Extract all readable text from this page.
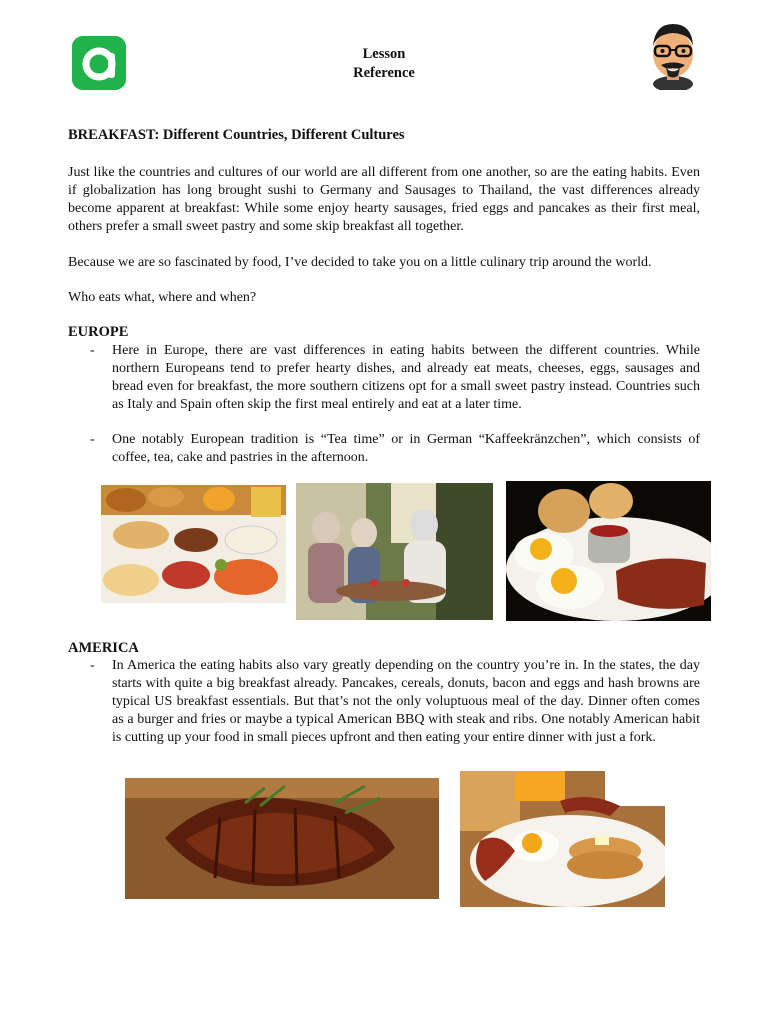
Lesson
Reference
BREAKFAST: Different Countries, Different Cultures
Just like the countries and cultures of our world are all different from one another, so are the eating habits. Even if globalization has long brought sushi to Germany and Sausages to Thailand, the vast differences already become apparent at breakfast: While some enjoy hearty sausages, fried eggs and pancakes as their first meal, others prefer a small sweet pastry and some skip breakfast all together.
Because we are so fascinated by food, I’ve decided to take you on a little culinary trip around the world.
Who eats what, where and when?
EUROPE
- Here in Europe, there are vast differences in eating habits between the different countries. While northern Europeans tend to prefer hearty dishes, and already eat meats, cheeses, eggs, sausages and bread even for breakfast, the more southern citizens opt for a small sweet pastry instead. Countries such as Italy and Spain often skip the first meal entirely and eat at a later time.
- One notably European tradition is “Tea time” or in German “Kaffeekränzchen”, which consists of coffee, tea, cake and pastries in the afternoon.
AMERICA
- In America the eating habits also vary greatly depending on the country you’re in. In the states, the day starts with quite a big breakfast already. Pancakes, cereals, donuts, bacon and eggs and hash browns are typical US breakfast essentials. But that’s not the only voluptuous meal of the day. Dinner often comes as a burger and fries or maybe a typical American BBQ with steak and ribs. One notably American habit is cutting up your food in small pieces upfront and then eating your entire dinner with just a fork.
